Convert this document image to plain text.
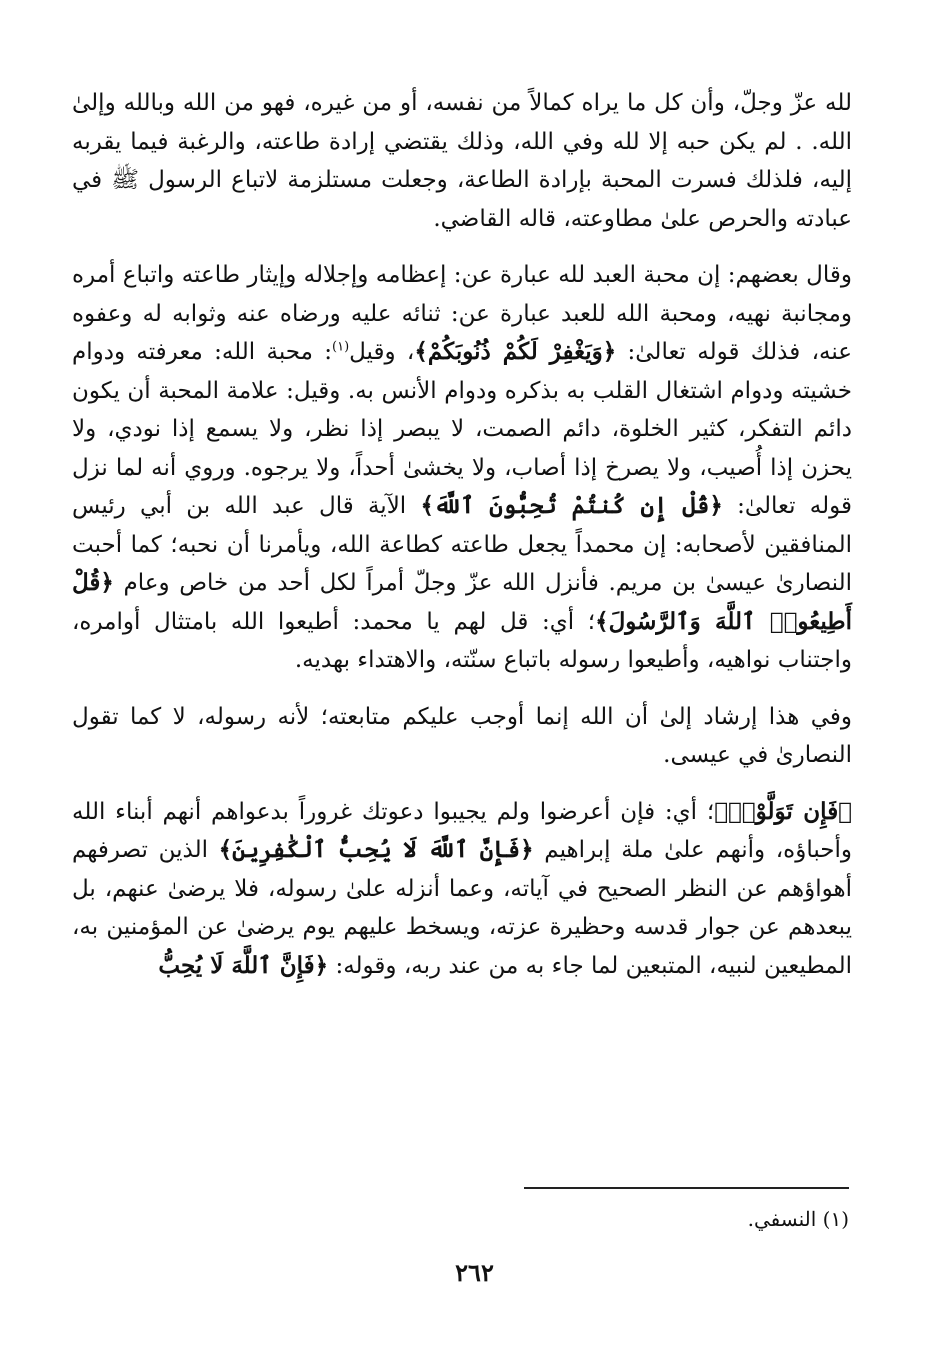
لله عزّ وجلّ، وأن كل ما يراه كمالاً من نفسه، أو من غيره، فهو من الله وبالله وإلىٰ الله. . لم يكن حبه إلا لله وفي الله، وذلك يقتضي إرادة طاعته، والرغبة فيما يقربه إليه، فلذلك فسرت المحبة بإرادة الطاعة، وجعلت مستلزمة لاتباع الرسول ﷺ في عبادته والحرص علىٰ مطاوعته، قاله القاضي.

وقال بعضهم: إن محبة العبد لله عبارة عن: إعظامه وإجلاله وإيثار طاعته واتباع أمره ومجانبة نهيه، ومحبة الله للعبد عبارة عن: ثنائه عليه ورضاه عنه وثوابه له وعفوه عنه، فذلك قوله تعالىٰ: ﴿وَيَغْفِرْ لَكُمْ ذُنُوبَكُمْ﴾، وقيل$^{(١)}$: محبة الله: معرفته ودوام خشيته ودوام اشتغال القلب به بذكره ودوام الأنس به. وقيل: علامة المحبة أن يكون دائم التفكر، كثير الخلوة، دائم الصمت، لا يبصر إذا نظر، ولا يسمع إذا نودي، ولا يحزن إذا أُصيب، ولا يصرخ إذا أصاب، ولا يخشىٰ أحداً، ولا يرجوه. وروي أنه لما نزل قوله تعالىٰ: ﴿قُلْ إِن كُنتُمْ تُحِبُّونَ ٱللَّهَ﴾ الآية قال عبد الله بن أبي رئيس المنافقين لأصحابه: إن محمداً يجعل طاعته كطاعة الله، ويأمرنا أن نحبه؛ كما أحبت النصارىٰ عيسىٰ بن مريم. فأنزل الله عزّ وجلّ أمراً لكل أحد من خاص وعام ﴿قُلْ أَطِيعُوا۟ ٱللَّهَ وَٱلرَّسُولَ﴾؛ أي: قل لهم يا محمد: أطيعوا الله بامتثال أوامره، واجتناب نواهيه، وأطيعوا رسوله باتباع سنّته، والاهتداء بهديه.

وفي هذا إرشاد إلىٰ أن الله إنما أوجب عليكم متابعته؛ لأنه رسوله، لا كما تقول النصارىٰ في عيسى.

﴿فَإِن تَوَلَّوْا۟﴾؛ أي: فإن أعرضوا ولم يجيبوا دعوتك غروراً بدعواهم أنهم أبناء الله وأحباؤه، وأنهم علىٰ ملة إبراهيم ﴿فَإِنَّ ٱللَّهَ لَا يُحِبُّ ٱلْكَٰفِرِينَ﴾ الذين تصرفهم أهواؤهم عن النظر الصحيح في آياته، وعما أنزله علىٰ رسوله، فلا يرضىٰ عنهم، بل يبعدهم عن جوار قدسه وحظيرة عزته، ويسخط عليهم يوم يرضىٰ عن المؤمنين به، المطيعين لنبيه، المتبعين لما جاء به من عند ربه، وقوله: ﴿فَإِنَّ ٱللَّهَ لَا يُحِبُّ

(١) النسفي.
٢٦٢
